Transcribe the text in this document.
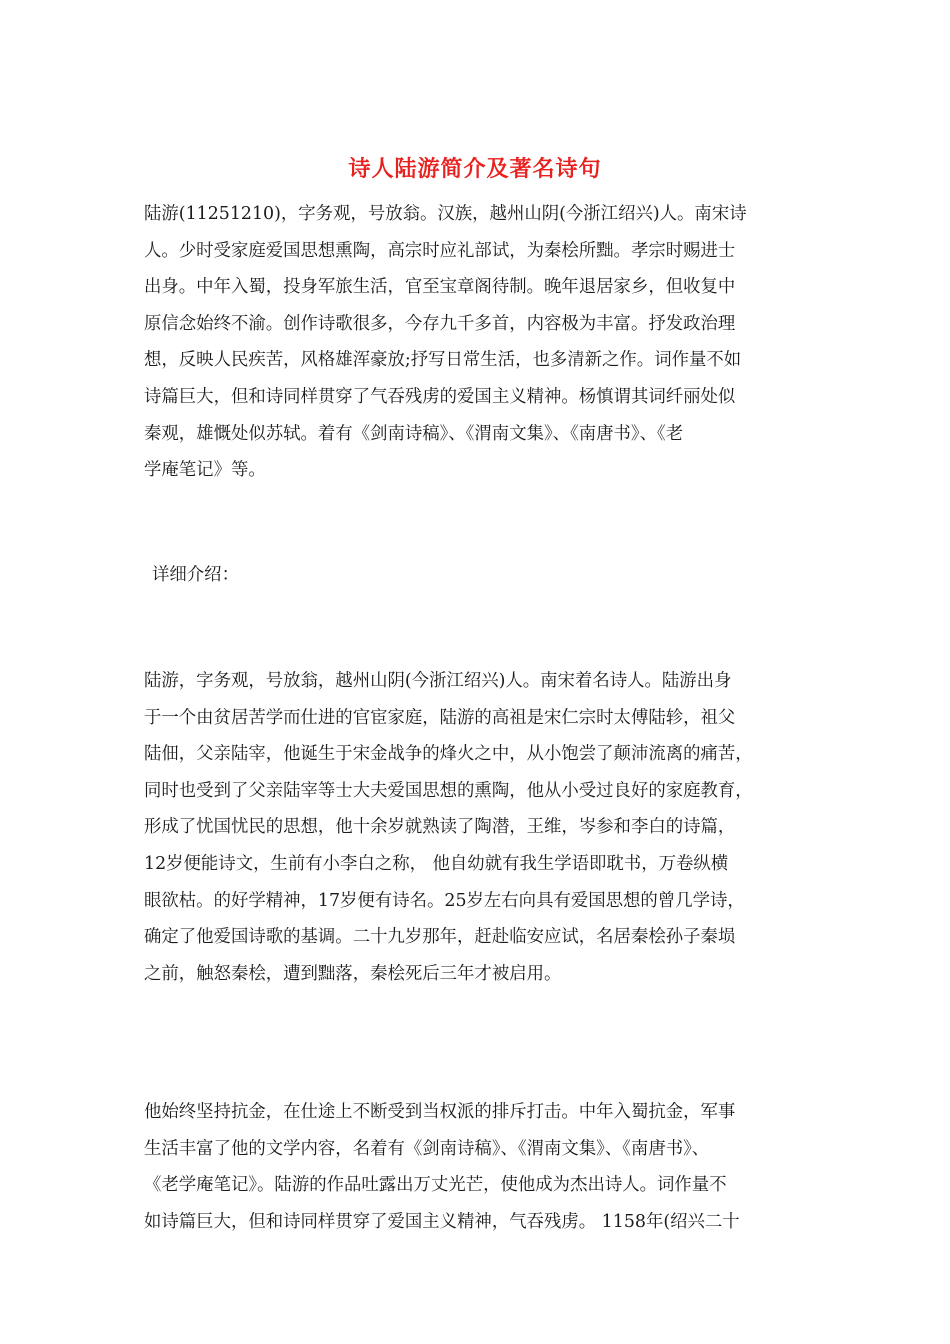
诗人陆游简介及著名诗句
陆游(11251210)，字务观，号放翁。汉族，越州山阴(今浙江绍兴)人。南宋诗
人。少时受家庭爱国思想熏陶，高宗时应礼部试，为秦桧所黜。孝宗时赐进士
出身。中年入蜀，投身军旅生活，官至宝章阁待制。晚年退居家乡，但收复中
原信念始终不渝。创作诗歌很多，今存九千多首，内容极为丰富。抒发政治理
想，反映人民疾苦，风格雄浑豪放;抒写日常生活，也多清新之作。词作量不如
诗篇巨大，但和诗同样贯穿了气吞残虏的爱国主义精神。杨慎谓其词纤丽处似
秦观，雄慨处似苏轼。着有《剑南诗稿》、《渭南文集》、《南唐书》、《老
学庵笔记》等。
详细介绍：
陆游，字务观，号放翁，越州山阴(今浙江绍兴)人。南宋着名诗人。陆游出身
于一个由贫居苦学而仕进的官宦家庭，陆游的高祖是宋仁宗时太傅陆轸，祖父
陆佃，父亲陆宰，他诞生于宋金战争的烽火之中，从小饱尝了颠沛流离的痛苦，
同时也受到了父亲陆宰等士大夫爱国思想的熏陶，他从小受过良好的家庭教育，
形成了忧国忧民的思想，他十余岁就熟读了陶潜，王维，岑参和李白的诗篇，
12岁便能诗文，生前有小李白之称， 他自幼就有我生学语即耽书，万卷纵横
眼欲枯。的好学精神，17岁便有诗名。25岁左右向具有爱国思想的曾几学诗，
确定了他爱国诗歌的基调。二十九岁那年，赶赴临安应试，名居秦桧孙子秦埙
之前，触怒秦桧，遭到黜落，秦桧死后三年才被启用。
他始终坚持抗金，在仕途上不断受到当权派的排斥打击。中年入蜀抗金，军事
生活丰富了他的文学内容，名着有《剑南诗稿》、《渭南文集》、《南唐书》、
《老学庵笔记》。陆游的作品吐露出万丈光芒，使他成为杰出诗人。词作量不
如诗篇巨大，但和诗同样贯穿了爱国主义精神，气吞残虏。 1158年(绍兴二十
